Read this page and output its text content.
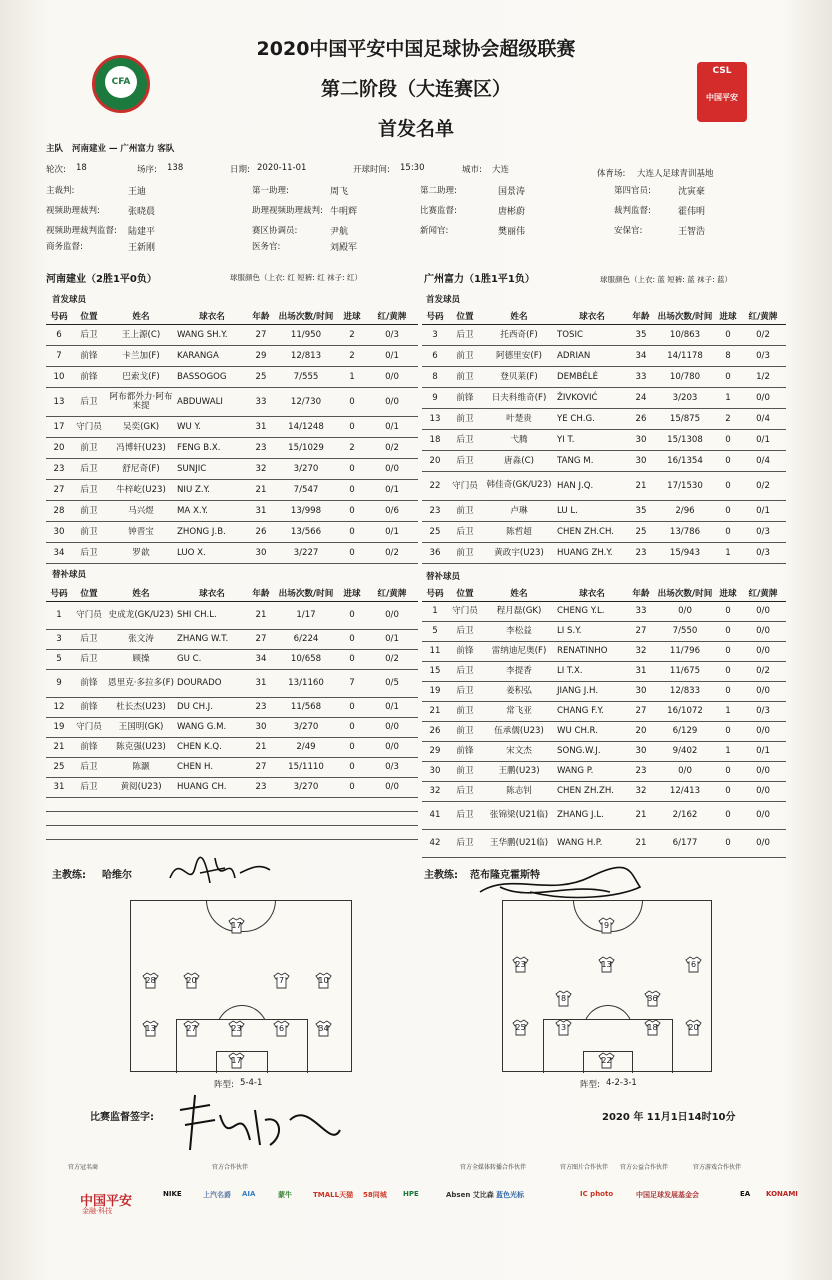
CFA
CSL
中国平安
2020中国平安中国足球协会超级联赛
第二阶段（大连赛区）
首发名单
主队 河南建业 — 广州富力 客队
轮次: 18	场序: 138	日期: 2020-11-01	开球时间: 15:30	城市: 大连	体育场: 大连人足球青训基地
主裁判:	王迪	第一助理:	周飞	第二助理:	国景涛	第四官员:	沈寅豪
视频助理裁判:	张晓晨	助理视频助理裁判: 牛明辉	比赛监督:	唐彬蔚	裁判监督:	霍伟明
视频助理裁判监督: 陆建平	赛区协调员:	尹航	新闻官:	樊丽伟	安保官:	王智浩
商务监督:	王新刚	医务官:	刘殿军
河南建业（2胜1平0负）	球服颜色（上衣: 红 短裤: 红 袜子: 红）	广州富力（1胜1平1负）	球服颜色（上衣: 蓝 短裤: 蓝 袜子: 蓝）
首发球员	首发球员
号码	位置	姓名	球衣名	年龄	出场次数/时间	进球	红/黄牌
6	后卫	王上源(C)	WANG SH.Y.	27	11/950	2	0/3
7	前锋	卡兰加(F)	KARANGA	29	12/813	2	0/1
10	前锋	巴索戈(F)	BASSOGOG	25	7/555	1	0/0
13	后卫	阿布都外力·阿布来提	ABDUWALI	33	12/730	0	0/0
17	守门员	吴奕(GK)	WU Y.	31	14/1248	0	0/1
20	前卫	冯博轩(U23)	FENG B.X.	23	15/1029	2	0/2
23	后卫	舒尼奇(F)	SUNJIC	32	3/270	0	0/0
27	后卫	牛梓屹(U23)	NIU Z.Y.	21	7/547	0	0/1
28	前卫	马兴煜	MA X.Y.	31	13/998	0	0/6
30	前卫	钟晋宝	ZHONG J.B.	26	13/566	0	0/1
34	后卫	罗歆	LUO X.	30	3/227	0	0/2
号码	位置	姓名	球衣名	年龄	出场次数/时间	进球	红/黄牌
3	后卫	托西奇(F)	TOSIC	35	10/863	0	0/2
6	前卫	阿德里安(F)	ADRIAN	34	14/1178	8	0/3
8	前卫	登贝莱(F)	DEMBÉLÉ	33	10/780	0	1/2
9	前锋	日夫科维奇(F)	ŽIVKOVIĆ	24	3/203	1	0/0
13	前卫	叶楚贵	YE CH.G.	26	15/875	2	0/4
18	后卫	弋腾	YI T.	30	15/1308	0	0/1
20	后卫	唐淼(C)	TANG M.	30	16/1354	0	0/4
22	守门员	韩佳奇(GK/U23)	HAN J.Q.	21	17/1530	0	0/2
23	前卫	卢琳	LU L.	35	2/96	0	0/1
25	后卫	陈哲超	CHEN ZH.CH.	25	13/786	0	0/3
36	前卫	黄政宇(U23)	HUANG ZH.Y.	23	15/943	1	0/3
替补球员	替补球员
号码	位置	姓名	球衣名	年龄	出场次数/时间	进球	红/黄牌
1	守门员	史成龙(GK/U23)	SHI CH.L.	21	1/17	0	0/0
3	后卫	张文涛	ZHANG W.T.	27	6/224	0	0/1
5	后卫	顾操	GU C.	34	10/658	0	0/2
9	前锋	恩里克·多拉多(F)	DOURADO	31	13/1160	7	0/5
12	前锋	杜长杰(U23)	DU CH.J.	23	11/568	0	0/1
19	守门员	王国明(GK)	WANG G.M.	30	3/270	0	0/0
21	前锋	陈克强(U23)	CHEN K.Q.	21	2/49	0	0/0
25	后卫	陈灏	CHEN H.	27	15/1110	0	0/3
31	后卫	黄阅(U23)	HUANG CH.	23	3/270	0	0/0

号码	位置	姓名	球衣名	年龄	出场次数/时间	进球	红/黄牌
1	守门员	程月磊(GK)	CHENG Y.L.	33	0/0	0	0/0
5	后卫	李松益	LI S.Y.	27	7/550	0	0/0
11	前锋	雷纳迪尼奥(F)	RENATINHO	32	11/796	0	0/0
15	后卫	李提香	LI T.X.	31	11/675	0	0/2
19	后卫	姜积弘	JIANG J.H.	30	12/833	0	0/0
21	前卫	常飞亚	CHANG F.Y.	27	16/1072	1	0/3
26	前卫	伍承儒(U23)	WU CH.R.	20	6/129	0	0/0
29	前锋	宋文杰	SONG.W.J.	30	9/402	1	0/1
30	前卫	王鹏(U23)	WANG P.	23	0/0	0	0/0
32	后卫	陈志钊	CHEN ZH.ZH.	32	12/413	0	0/0
41	后卫	张锦梁(U21临)	ZHANG J.L.	21	2/162	0	0/0
42	后卫	王华鹏(U21临)	WANG H.P.	21	6/177	0	0/0
主教练: 哈维尔	主教练: 范布隆克霍斯特
17
28	20	7	10
13	27	23	6	34
17
9
23	13	6
8	36
25	3	18	20
22
阵型: 5-4-1	阵型: 4-2-3-1
比赛监督签字:	2020 年 11月1日14时10分
官方冠名商	官方合作伙伴	官方全媒体转播合作伙伴	官方图片合作伙伴 官方公益合作伙伴	官方游戏合作伙伴
中国平安	NIKE	上汽名爵 AIA	蒙牛	TMALL天猫 58同城 HPE	Absen 艾比森 蓝色光标	IC photo	中国足球发展基金会	EA KONAMI
金融·科技
